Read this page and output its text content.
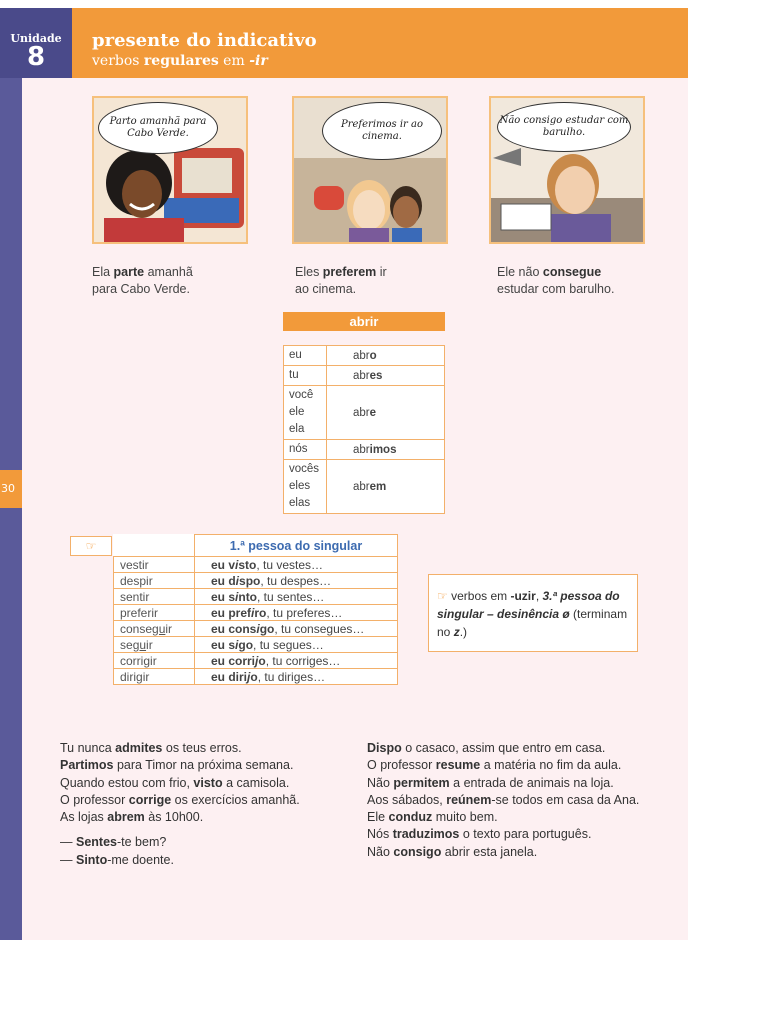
30
Unidade
8
presente do indicativo
verbos regulares em -ir
Parto amanhã para Cabo Verde.
Ela parte amanhã
para Cabo Verde.
Preferimos ir ao cinema.
Eles preferem ir
ao cinema.
Não consigo estudar com barulho.
Ele não consegue
estudar com barulho.
abrir
eu	abro

tu	abres

você
ele
ela	abre

nós	abrimos

vocês
eles
elas	abrem
☞
		1.ª pessoa do singular
vestir	eu visto, tu vestes…
despir	eu dispo, tu despes…
sentir	eu sinto, tu sentes…
preferir	eu prefiro, tu preferes…
conseguir	eu consigo, tu consegues…
seguir	eu sigo, tu segues…
corrigir	eu corrijo, tu corriges…
dirigir	eu dirijo, tu diriges…
☞ verbos em -uzir, 3.ª pessoa do singular – desinência ø (terminam no z.)
Tu nunca admites os teus erros.
Partimos para Timor na próxima semana.
Quando estou com frio, visto a camisola.
O professor corrige os exercícios amanhã.
As lojas abrem às 10h00.
— Sentes-te bem?
— Sinto-me doente.
Dispo o casaco, assim que entro em casa.
O professor resume a matéria no fim da aula.
Não permitem a entrada de animais na loja.
Aos sábados, reúnem-se todos em casa da Ana.
Ele conduz muito bem.
Nós traduzimos o texto para português.
Não consigo abrir esta janela.
